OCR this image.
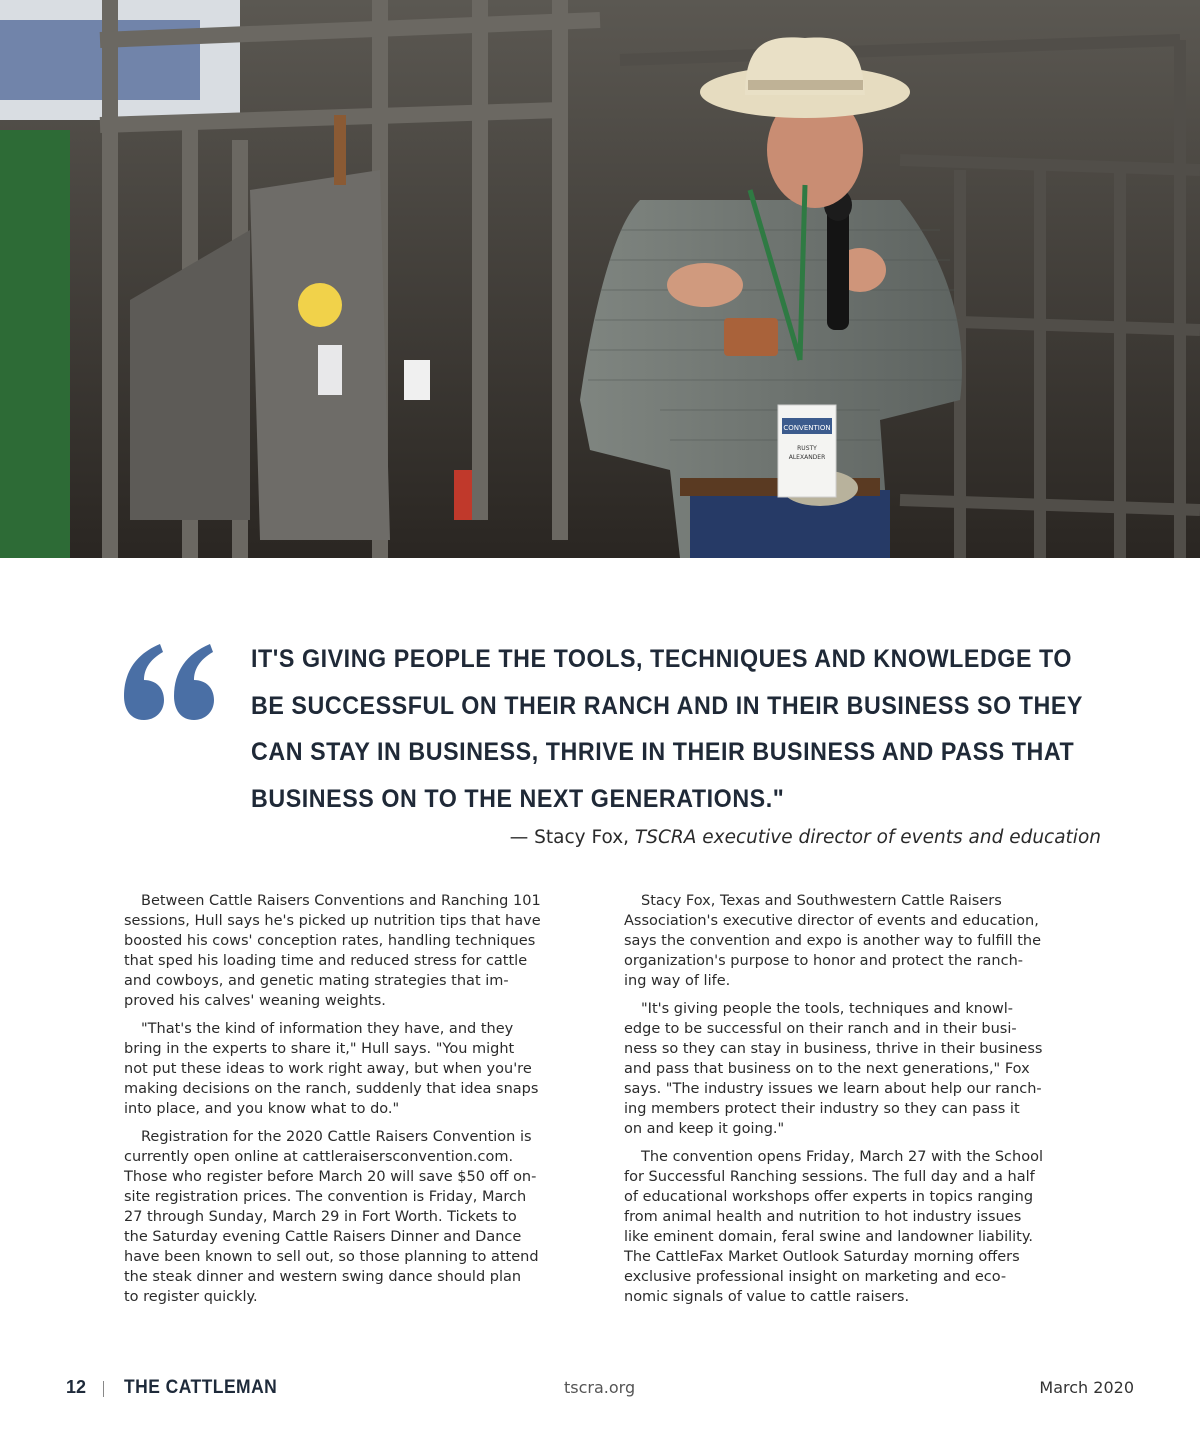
CONVENTION
RUSTY
ALEXANDER
IT'S GIVING PEOPLE THE TOOLS, TECHNIQUES AND KNOWLEDGE TO
BE SUCCESSFUL ON THEIR RANCH AND IN THEIR BUSINESS SO THEY
CAN STAY IN BUSINESS, THRIVE IN THEIR BUSINESS AND PASS THAT
BUSINESS ON TO THE NEXT GENERATIONS."
— Stacy Fox, TSCRA executive director of events and education

Between Cattle Raisers Conventions and Ranching 101
sessions, Hull says he's picked up nutrition tips that have
boosted his cows' conception rates, handling techniques
that sped his loading time and reduced stress for cattle
and cowboys, and genetic mating strategies that im-
proved his calves' weaning weights.

"That's the kind of information they have, and they
bring in the experts to share it," Hull says. "You might
not put these ideas to work right away, but when you're
making decisions on the ranch, suddenly that idea snaps
into place, and you know what to do."

Registration for the 2020 Cattle Raisers Convention is
currently open online at cattleraisersconvention.com.
Those who register before March 20 will save $50 off on-
site registration prices. The convention is Friday, March
27 through Sunday, March 29 in Fort Worth. Tickets to
the Saturday evening Cattle Raisers Dinner and Dance
have been known to sell out, so those planning to attend
the steak dinner and western swing dance should plan
to register quickly.

Stacy Fox, Texas and Southwestern Cattle Raisers
Association's executive director of events and education,
says the convention and expo is another way to fulfill the
organization's purpose to honor and protect the ranch-
ing way of life.

"It's giving people the tools, techniques and knowl-
edge to be successful on their ranch and in their busi-
ness so they can stay in business, thrive in their business
and pass that business on to the next generations," Fox
says. "The industry issues we learn about help our ranch-
ing members protect their industry so they can pass it
on and keep it going."

The convention opens Friday, March 27 with the School
for Successful Ranching sessions. The full day and a half
of educational workshops offer experts in topics ranging
from animal health and nutrition to hot industry issues
like eminent domain, feral swine and landowner liability.
The CattleFax Market Outlook Saturday morning offers
exclusive professional insight on marketing and eco-
nomic signals of value to cattle raisers.

12 THE CATTLEMAN	tscra.org	March 2020
